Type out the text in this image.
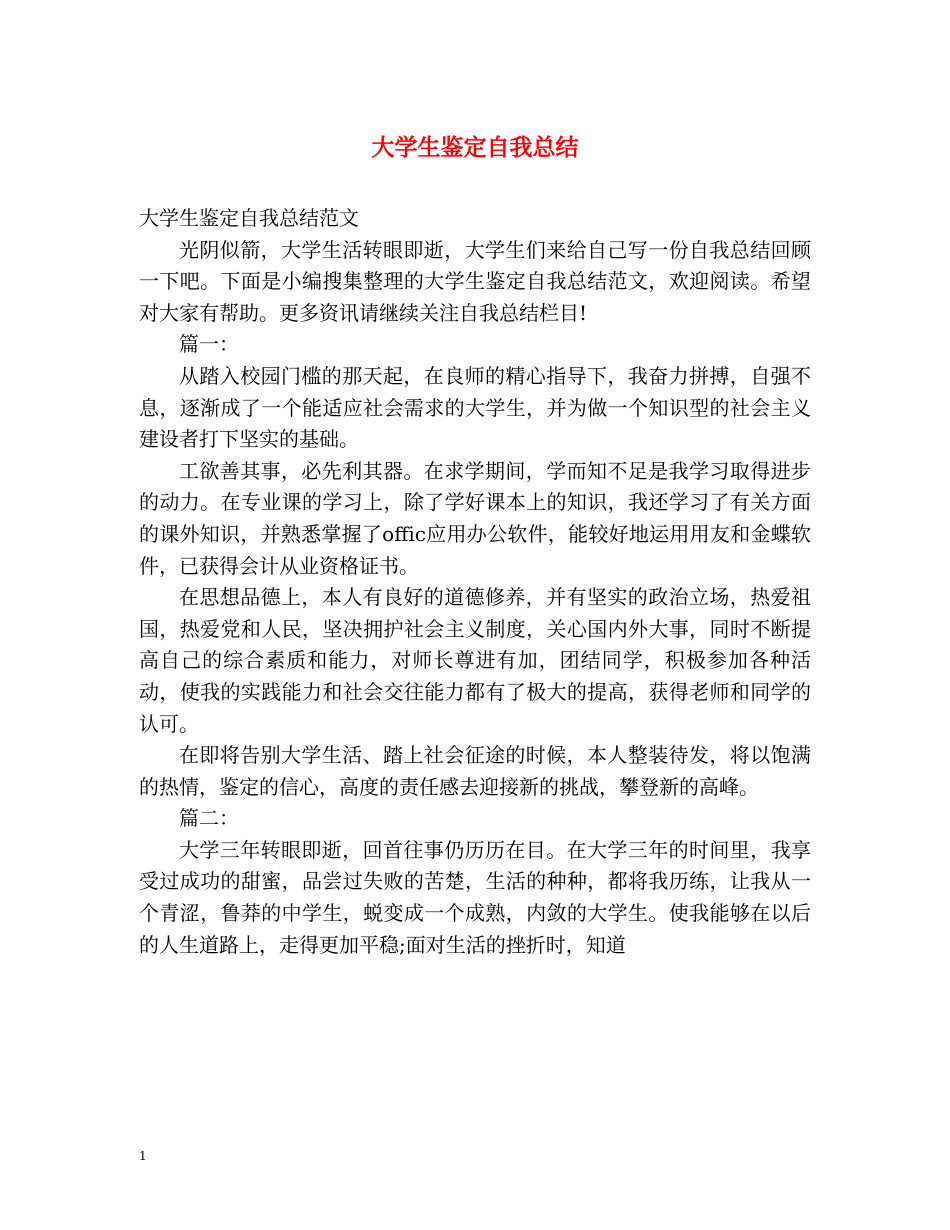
大学生鉴定自我总结

大学生鉴定自我总结范文

光阴似箭，大学生活转眼即逝，大学生们来给自己写一份自我总结回顾一下吧。下面是小编搜集整理的大学生鉴定自我总结范文，欢迎阅读。希望对大家有帮助。更多资讯请继续关注自我总结栏目!

篇一：

从踏入校园门槛的那天起，在良师的精心指导下，我奋力拼搏，自强不息，逐渐成了一个能适应社会需求的大学生，并为做一个知识型的社会主义建设者打下坚实的基础。

工欲善其事，必先利其器。在求学期间，学而知不足是我学习取得进步的动力。在专业课的学习上，除了学好课本上的知识，我还学习了有关方面的课外知识，并熟悉掌握了offic应用办公软件，能较好地运用用友和金蝶软件，已获得会计从业资格证书。

在思想品德上，本人有良好的道德修养，并有坚实的政治立场，热爱祖国，热爱党和人民，坚决拥护社会主义制度，关心国内外大事，同时不断提高自己的综合素质和能力，对师长尊进有加，团结同学，积极参加各种活动，使我的实践能力和社会交往能力都有了极大的提高，获得老师和同学的认可。

在即将告别大学生活、踏上社会征途的时候，本人整装待发，将以饱满的热情，鉴定的信心，高度的责任感去迎接新的挑战，攀登新的高峰。

篇二：

大学三年转眼即逝，回首往事仍历历在目。在大学三年的时间里，我享受过成功的甜蜜，品尝过失败的苦楚，生活的种种，都将我历练，让我从一个青涩，鲁莽的中学生，蜕变成一个成熟，内敛的大学生。使我能够在以后的人生道路上，走得更加平稳;面对生活的挫折时，知道

1
